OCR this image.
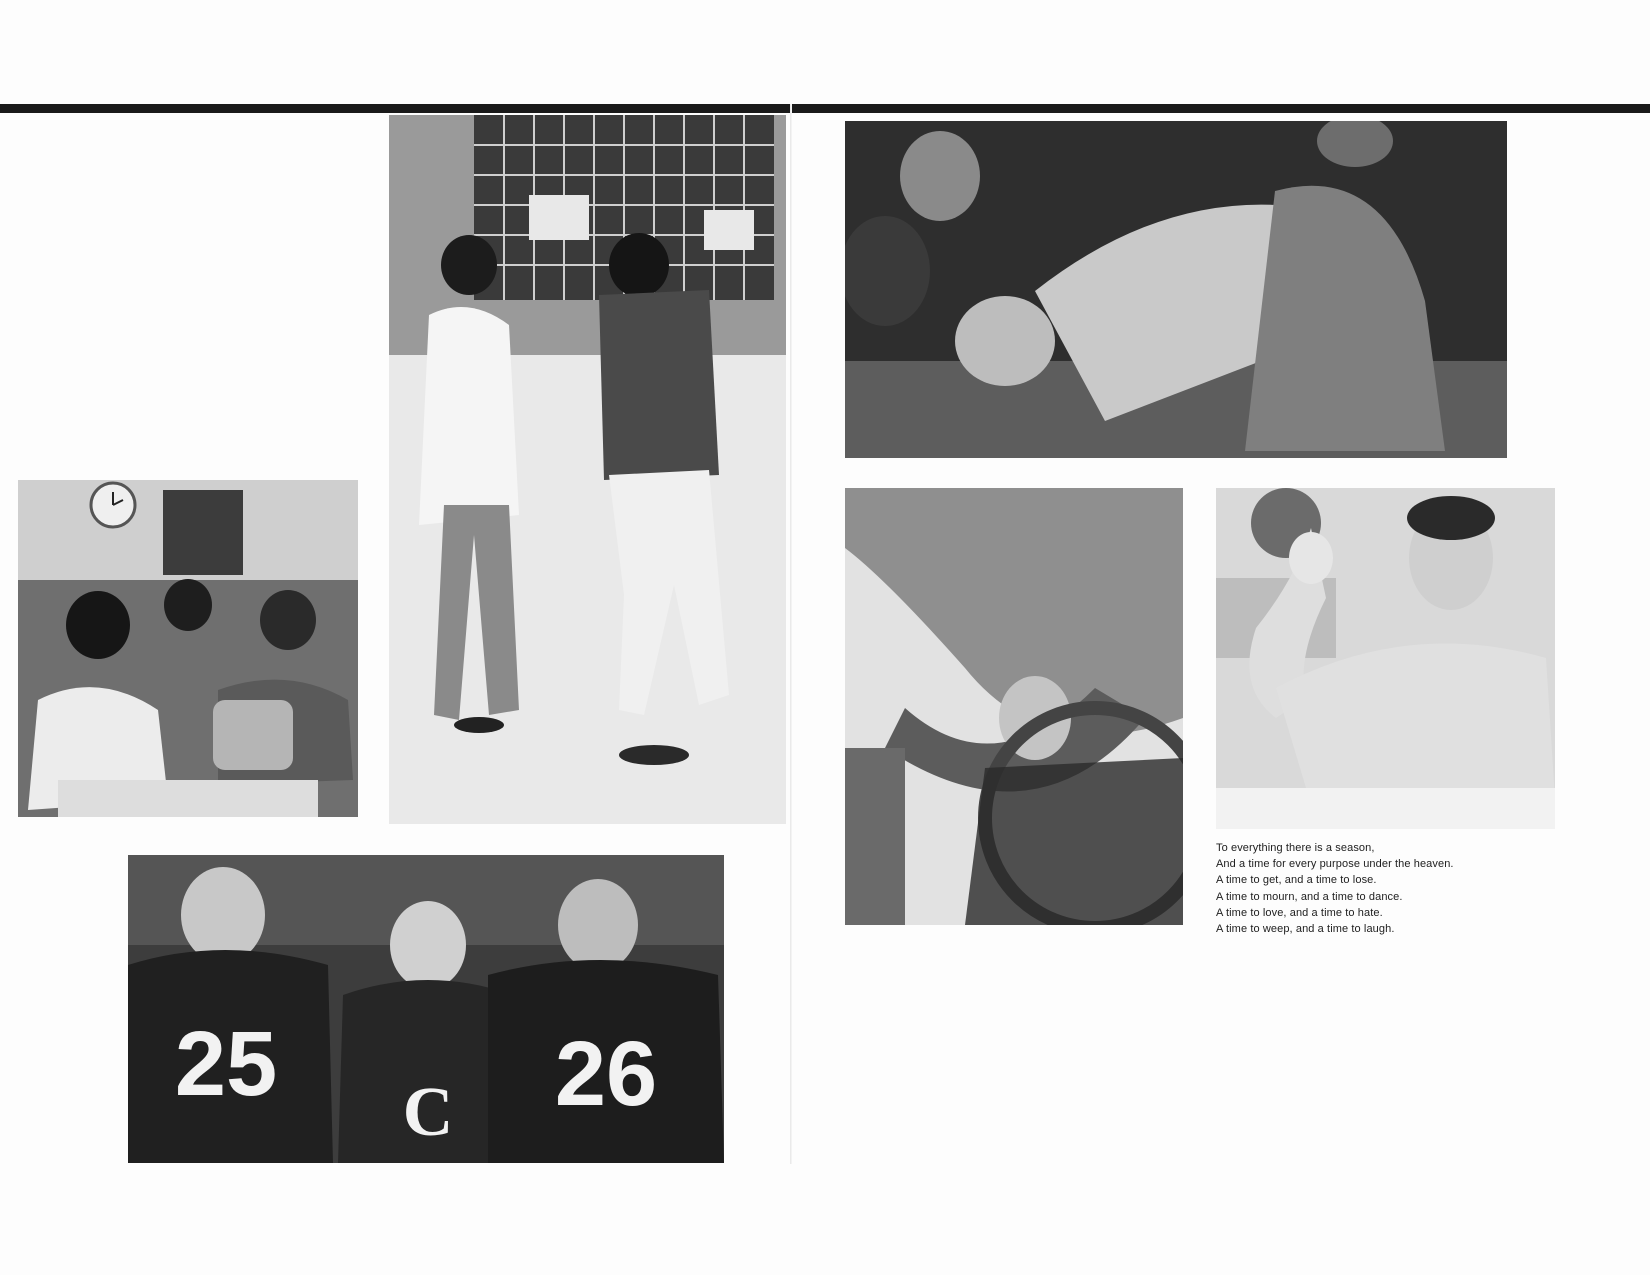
25 C 26
To everything there is a season,
And a time for every purpose under the heaven.
A time to get, and a time to lose.
A time to mourn, and a time to dance.
A time to love, and a time to hate.
A time to weep, and a time to laugh.
